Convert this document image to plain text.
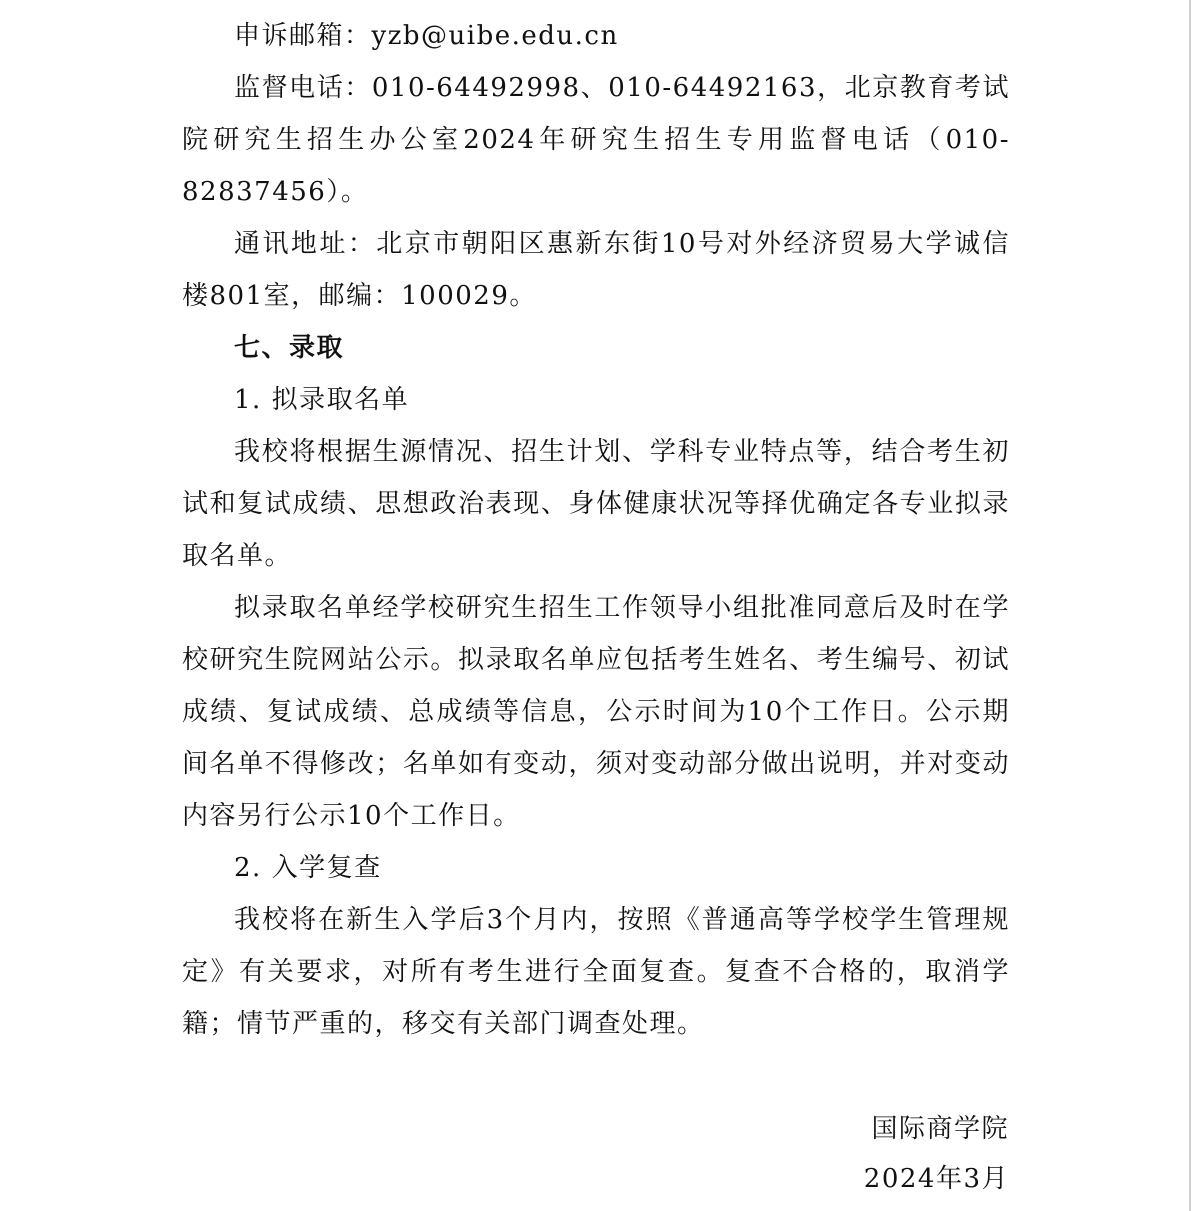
申诉邮箱：yzb@uibe.edu.cn

监督电话：010-64492998、010-64492163，北京教育考试院研究生招生办公室2024年研究生招生专用监督电话（010-82837456）。

通讯地址：北京市朝阳区惠新东街10号对外经济贸易大学诚信楼801室，邮编：100029。

七、录取

1. 拟录取名单

我校将根据生源情况、招生计划、学科专业特点等，结合考生初试和复试成绩、思想政治表现、身体健康状况等择优确定各专业拟录取名单。

拟录取名单经学校研究生招生工作领导小组批准同意后及时在学校研究生院网站公示。拟录取名单应包括考生姓名、考生编号、初试成绩、复试成绩、总成绩等信息，公示时间为10个工作日。公示期间名单不得修改；名单如有变动，须对变动部分做出说明，并对变动内容另行公示10个工作日。

2. 入学复查

我校将在新生入学后3个月内，按照《普通高等学校学生管理规定》有关要求，对所有考生进行全面复查。复查不合格的，取消学籍；情节严重的，移交有关部门调查处理。

国际商学院
2024年3月
